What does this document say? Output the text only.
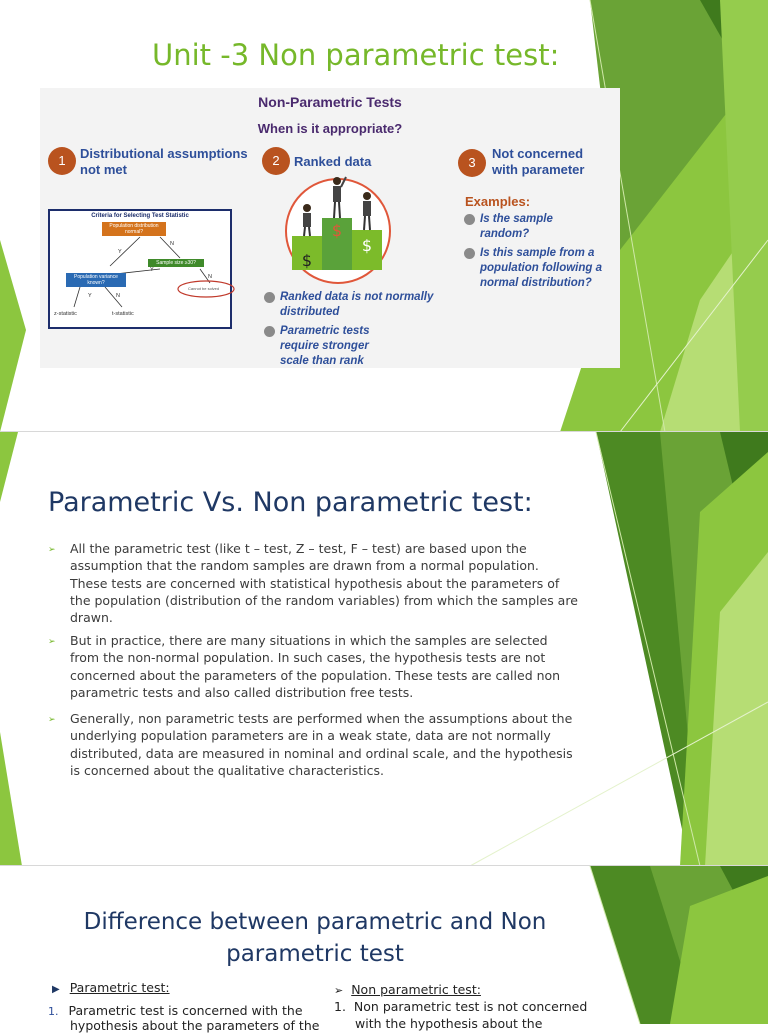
Unit -3 Non parametric test:
Non-Parametric Tests
When is it appropriate?
1	Distributional assumptions not met
2	Ranked data	3
Not concerned with parameter
Criteria for Selecting Test Statistic
Population distribution normal?
Sample size ≥30?
Population variance known?
Cannot be solved
Y
N
Y
N
Y	N
z-statistic	t-statistic
$
$
$
Ranked data is not normally distributed
Parametric tests require stronger scale than rank
Examples:
Is the sample random?
Is this sample from a population following a normal distribution?
Parametric Vs. Non parametric test:
➢ All the parametric test (like t – test, Z – test, F – test) are based upon the assumption that the random samples are drawn from a normal population. These tests are concerned with statistical hypothesis about the parameters of the population (distribution of the random variables) from which the samples are drawn.
➢ But in practice, there are many situations in which the samples are selected from the non-normal population. In such cases, the hypothesis tests are not concerned about the parameters of the population. These tests are called non parametric tests and also called distribution free tests.
➢ Generally, non parametric tests are performed when the assumptions about the underlying population parameters are in a weak state, data are not normally distributed, data are measured in nominal and ordinal scale, and the hypothesis is concerned about the qualitative characteristics.
Difference between parametric and Non parametric test
▶ Parametric test:
1. Parametric test is concerned with the
hypothesis about the parameters of the
➢ Non parametric test:
1. Non parametric test is not concerned
with the hypothesis about the
